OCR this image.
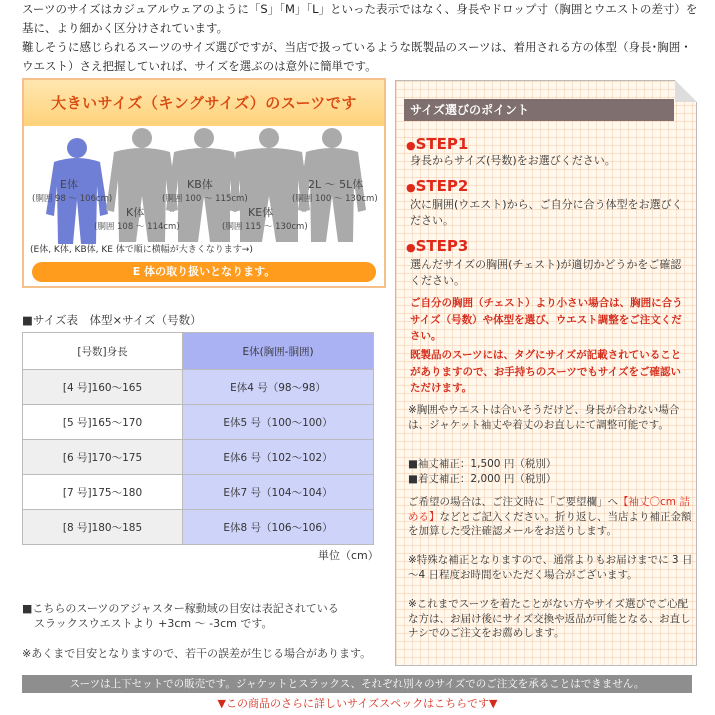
スーツのサイズはカジュアルウェアのように「S」「M」「L」といった表示ではなく、身長やドロップ寸（胸囲とウエストの差寸）を基に、より細かく区分けされています。

難しそうに感じられるスーツのサイズ選びですが、当店で扱っているような既製品のスーツは、着用される方の体型（身長･胸囲・ウエスト）さえ把握していれば、サイズを選ぶのは意外に簡単です。

大きいサイズ（キングサイズ）のスーツです
E体
(胴囲 98 ～ 106cm)
K体
(胴囲 108 ～ 114cm)
KB体
(胴囲 100 ～ 115cm)
KE体
(胴囲 115 ～ 130cm)
2L ～ 5L体
(胴囲 100 ～ 130cm)
(E体, K体, KB体, KE 体で順に横幅が大きくなります→)
E 体の取り扱いとなります。
■サイズ表　体型×サイズ（号数）
[号数]身長	E体(胸囲-胴囲)
[4 号]160～165	E体4 号（98～98）
[5 号]165～170	E体5 号（100～100）
[6 号]170～175	E体6 号（102～102）
[7 号]175～180	E体7 号（104～104）
[8 号]180～185	E体8 号（106～106）
単位（cm）
■こちらのスーツのアジャスター稼動域の目安は表記されている
スラックスウエストより +3cm ～ -3cm です。
※あくまで目安となりますので、若干の誤差が生じる場合があります。
サイズ選びのポイント
●STEP1
身長からサイズ(号数)をお選びください。
●STEP2
次に胴囲(ウエスト)から、ご自分に合う体型をお選びください。
●STEP3
選んだサイズの胸囲(チェスト)が適切かどうかをご確認ください。
ご自分の胸囲（チェスト）より小さい場合は、胸囲に合うサイズ（号数）や体型を選び、ウエスト調整をご注文ください。
既製品のスーツには、タグにサイズが記載されていることがありますので、お手持ちのスーツでもサイズをご確認いただけます。
※胸囲やウエストは合いそうだけど、身長が合わない場合は、ジャケット袖丈や着丈のお直しにて調整可能です。
■袖丈補正：1,500 円（税別）
■着丈補正：2,000 円（税別）
ご希望の場合は、ご注文時に「ご要望欄」へ【袖丈〇cm 詰める】などとご記入ください。折り返し、当店より補正金額を加算した受注確認メールをお送りします。
※特殊な補正となりますので、通常よりもお届けまでに 3 日～4 日程度お時間をいただく場合がございます。
※これまでスーツを着たことがない方やサイズ選びでご心配な方は、お届け後にサイズ交換や返品が可能となる、お直しナシでのご注文をお薦めします。
スーツは上下セットでの販売です。ジャケットとスラックス、それぞれ別々のサイズでのご注文を承ることはできません。
▼この商品のさらに詳しいサイズスペックはこちらです▼
